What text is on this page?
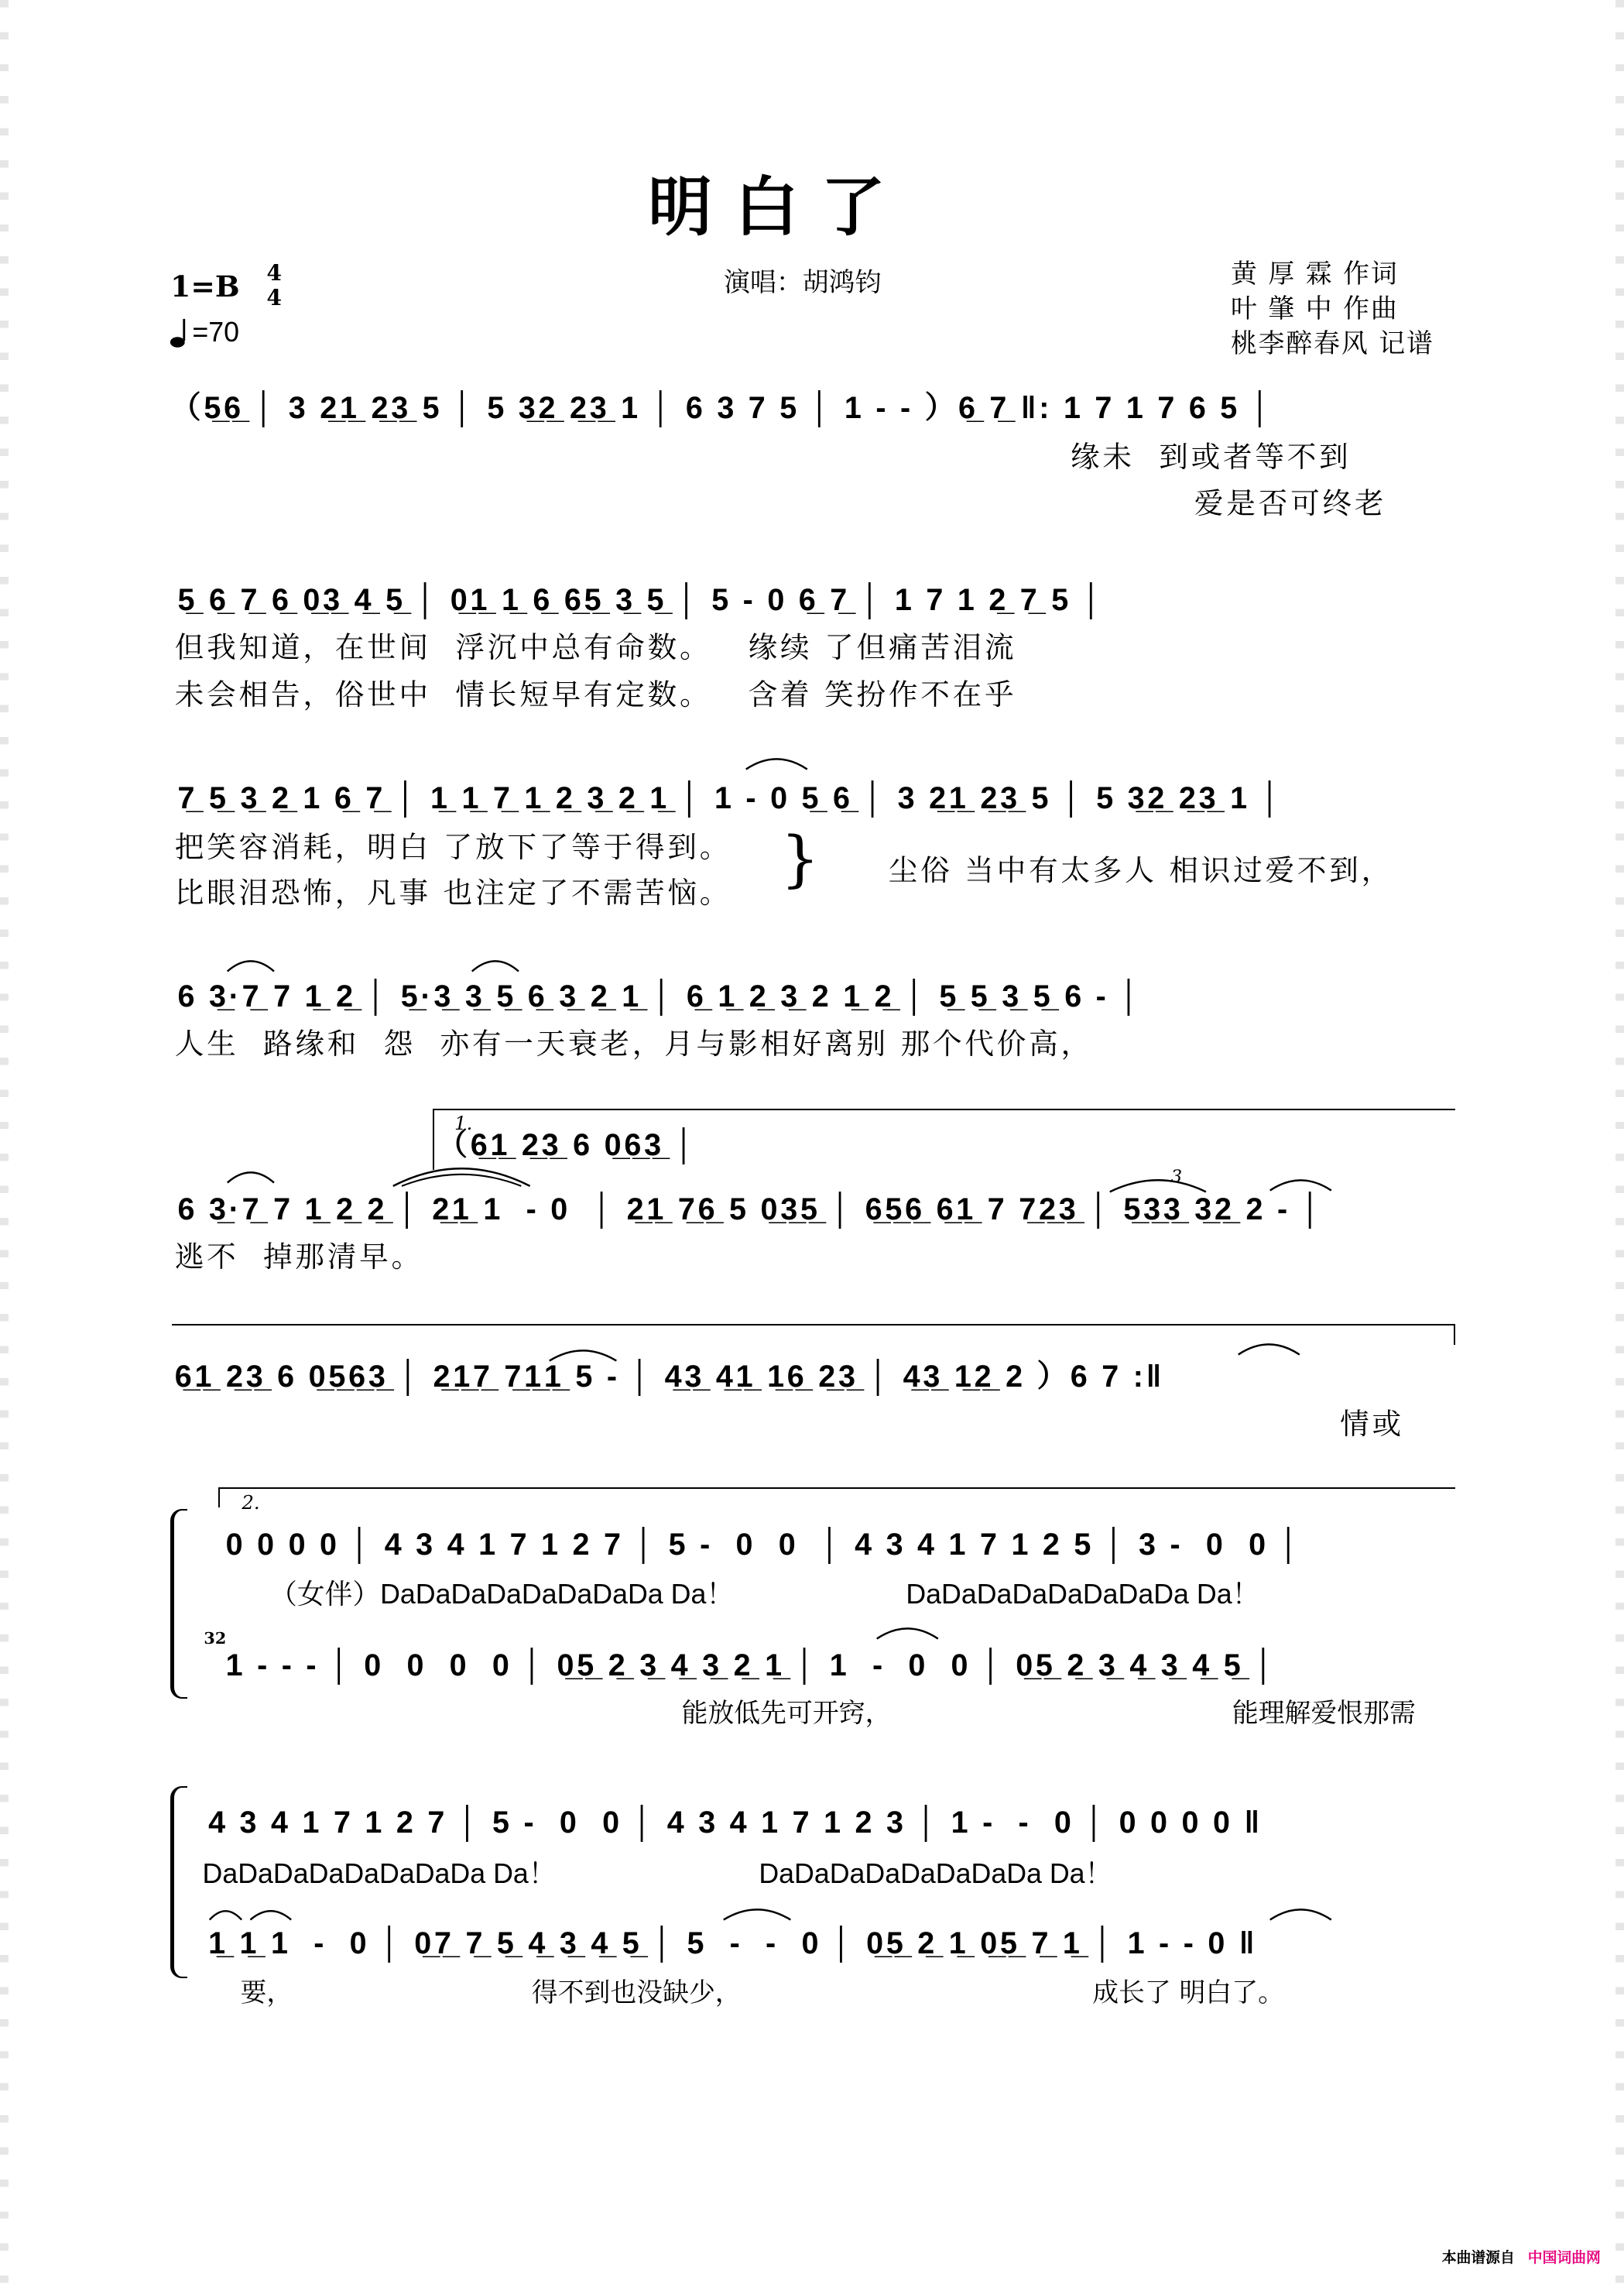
明 白 了
1=B 4
4
=70
演唱：胡鸿钧	黄 厚 霖 作词
叶 肇 中 作曲
桃李醉春风 记谱
（5̲6̲ │ 3 2̲1̲ 2̲3̲ 5 │ 5 3̲2̲ 2̲3̲ 1 │ 6 3 7 5 │ 1 - - ）6̲ 7̲ ‖: 1 7 1 7 6 5 │
缘未  到或者等不到
爱是否可终老
5̲ 6̲ 7̲ 6̲ 0̲3̲ 4̲ 5̲ │ 0̲1̲ 1̲ 6̲ 6̲5̲ 3̲ 5̲ │ 5 - 0 6̲ 7̲ │ 1 7 1 2̲ 7̲ 5 │
但我知道，在世间  浮沉中总有命数。   缘续 了但痛苦泪流
未会相告，俗世中  情长短早有定数。   含着 笑扮作不在乎
7̲ 5̲ 3̲ 2̲ 1 6̲ 7̲ │ 1̲ 1̲ 7̲ 1̲ 2̲ 3̲ 2̲ 1̲ │ 1 - 0 5̲ 6̲ │ 3 2̲1̲ 2̲3̲ 5 │ 5 3̲2̲ 2̲3̲ 1 │
把笑容消耗，明白 了放下了等于得到。
比眼泪恐怖，凡事 也注定了不需苦恼。 }	尘俗 当中有太多人 相识过爱不到，
6 3̲·7̲ 7 1̲ 2̲ │ 5̲·3̲ 3̲ 5̲ 6̲ 3̲ 2̲ 1̲ │ 6̲ 1̲ 2̲ 3̲ 2 1̲ 2̲ │ 5̲ 5̲ 3̲ 5̲ 6 - │
人生  路缘和  怨  亦有一天衰老，月与影相好离别 那个代价高，
1.
（6̲1̲ 2̲3̲ 6 0̲6̲3̲ │
3
6 3̲·7̲ 7 1̲ 2̲ 2̲ │ 2̲1̲ 1  - 0  │ 2̲1̲ 7̲6̲ 5 0̲3̲5̲ │ 6̲5̲6̲ 6̲1̲ 7 7̲2̲3̲ │ 5̲3̲3̲ 3̲2̲ 2 - │
逃不  掉那清早。
6̲1̲ 2̲3̲ 6 0̲5̲6̲3̲ │ 2̲1̲7̲ 7̲1̲1̲ 5 - │ 4̲3̲ 4̲1̲ 1̲6̲ 2̲3̲ │ 4̲3̲ 1̲2̲ 2 ）6 7 :‖
情或
2.
0 0 0 0 │ 4 3 4 1 7 1 2 7 │ 5 -  0  0  │ 4 3 4 1 7 1 2 5 │ 3 -  0  0 │
（女伴）DaDaDaDaDaDaDaDa Da！	DaDaDaDaDaDaDaDa Da！
32
1 - - - │ 0  0  0  0 │ 0̲5̲ 2̲ 3̲ 4̲ 3̲ 2̲ 1̲ │ 1  -  0  0 │ 0̲5̲ 2̲ 3̲ 4̲ 3̲ 4̲ 5̲ │
能放低先可开窍，	能理解爱恨那需
4 3 4 1 7 1 2 7 │ 5 -  0  0 │ 4 3 4 1 7 1 2 3 │ 1 -  -  0 │ 0 0 0 0 ‖
DaDaDaDaDaDaDaDa Da！	DaDaDaDaDaDaDaDa Da！
1̲ 1̲ 1  -  0 │ 0̲7̲ 7̲ 5̲ 4̲ 3̲ 4̲ 5̲ │ 5  -  -  0 │ 0̲5̲ 2̲ 1̲ 0̲5̲ 7̲ 1̲ │ 1 - - 0 ‖
要，	得不到也没缺少，	成长了 明白了。
本曲谱源自 中国词曲网
